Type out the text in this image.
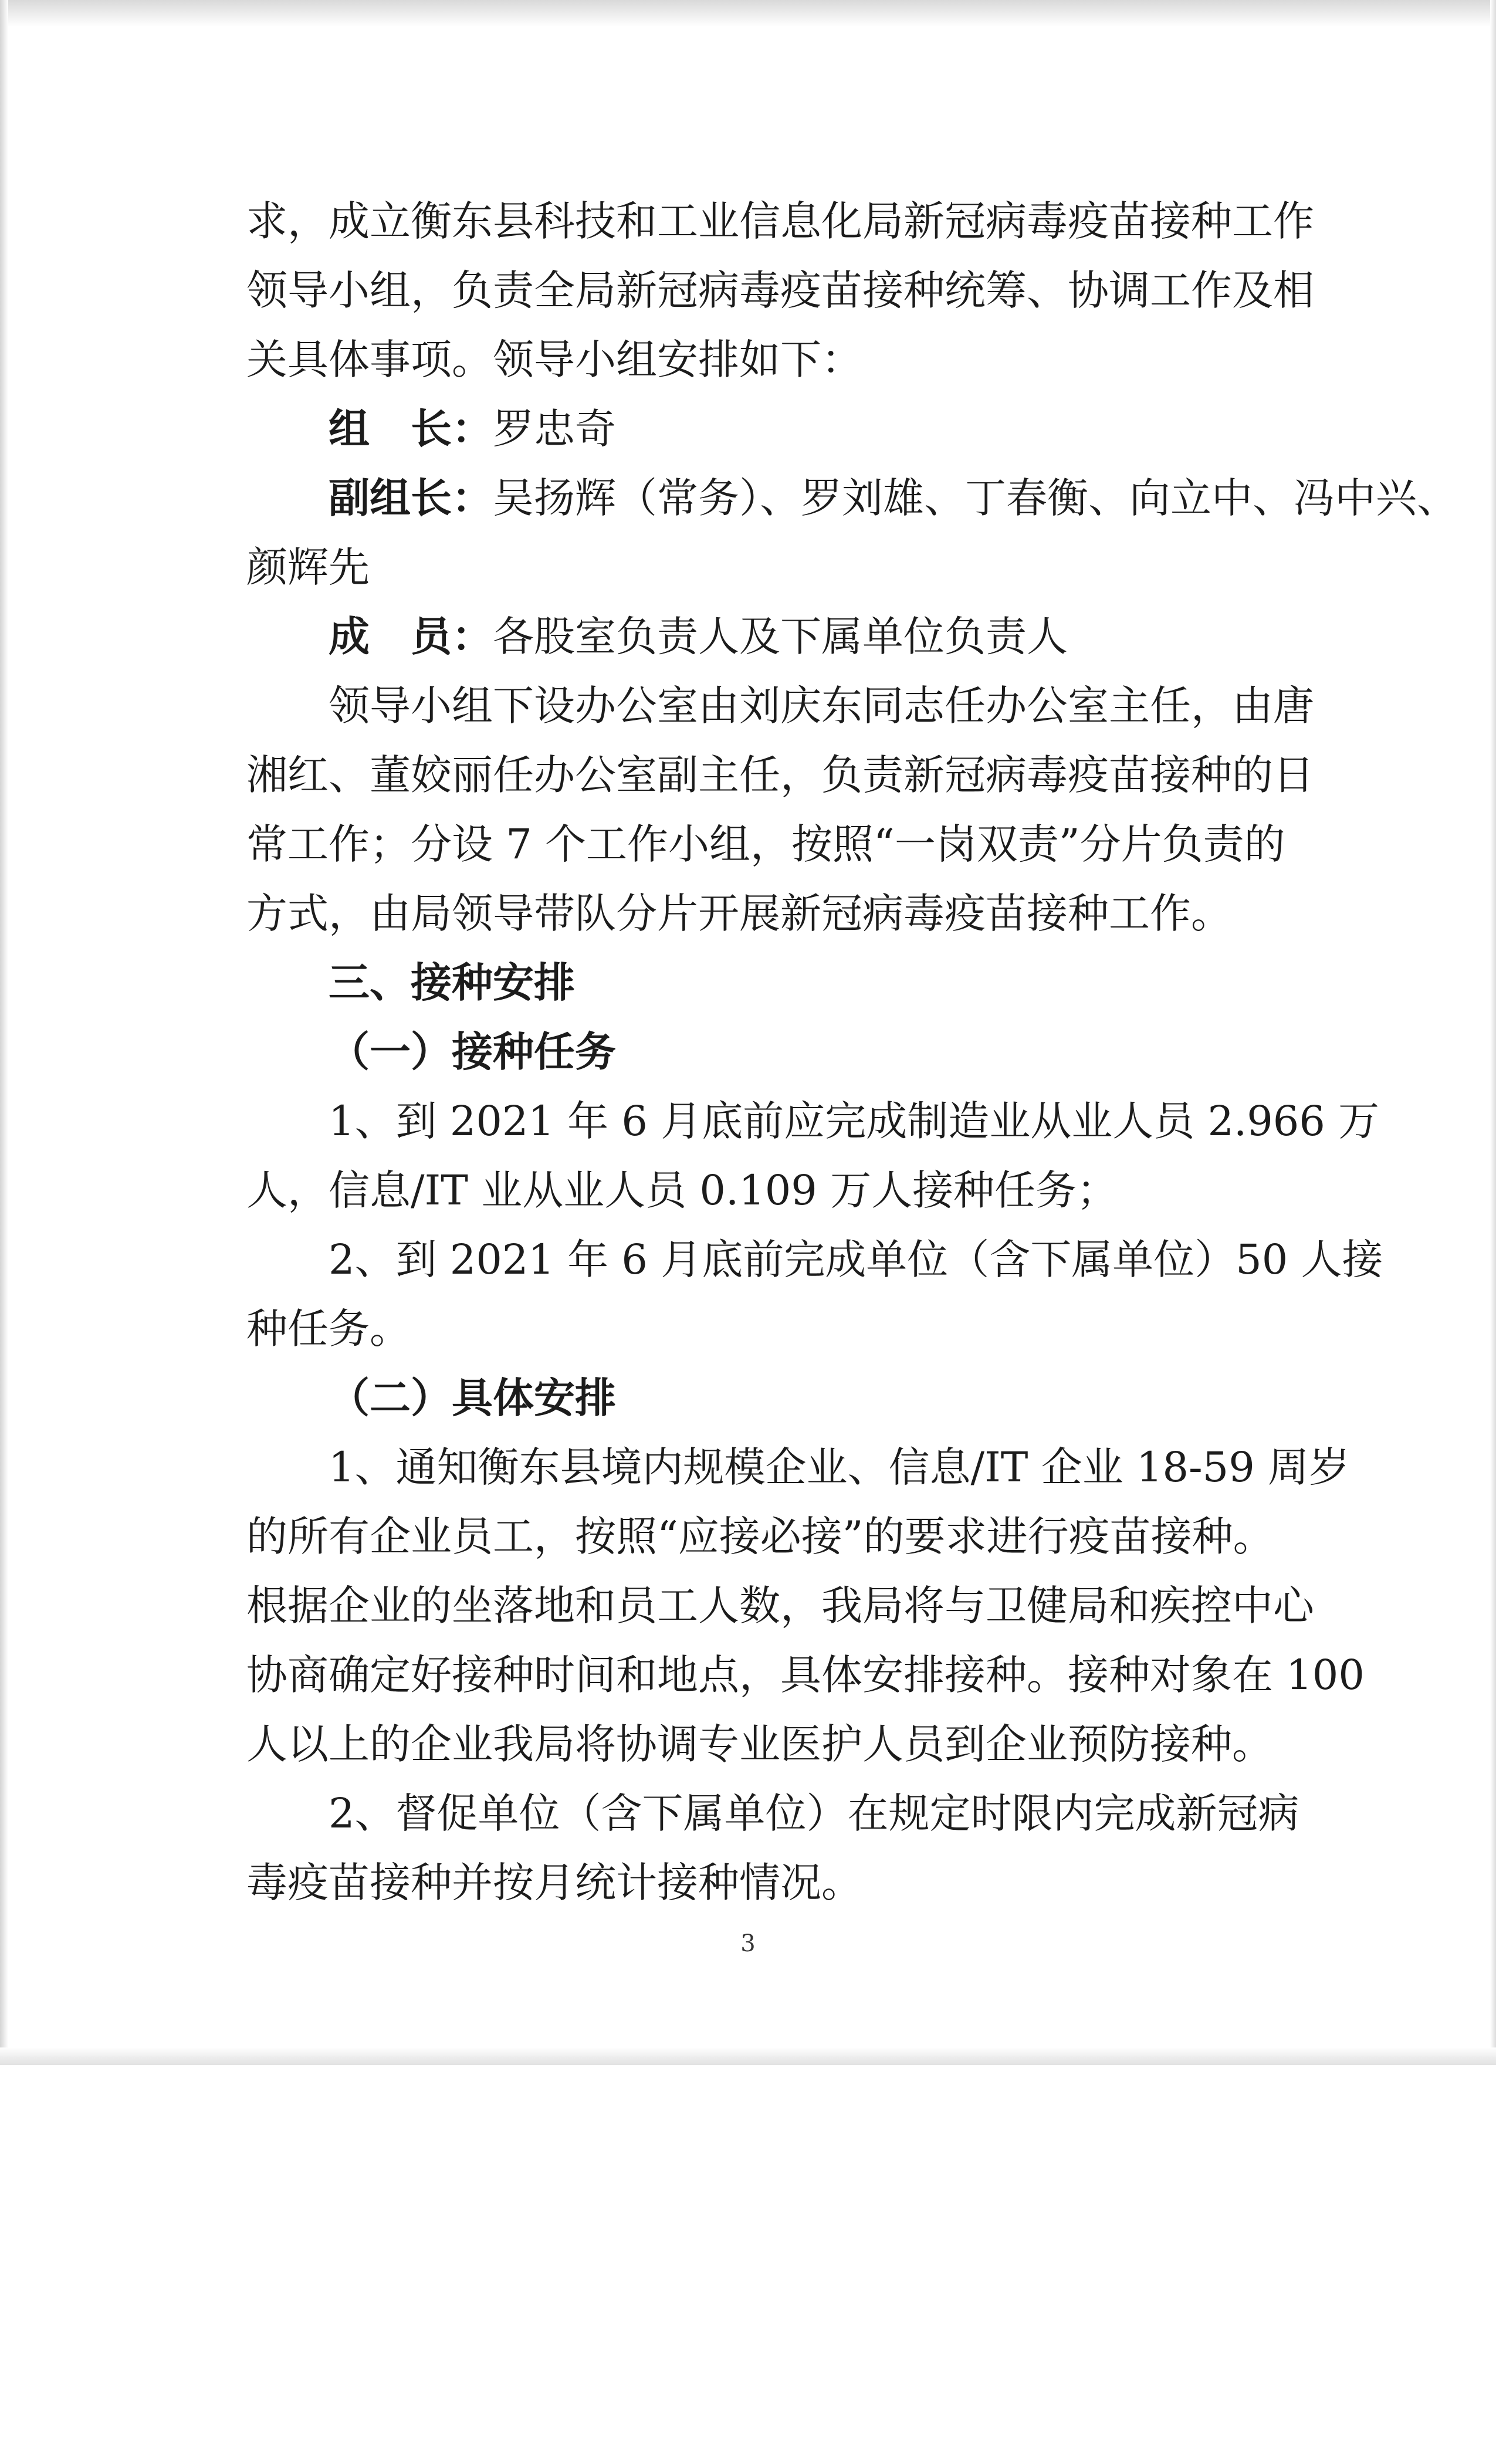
求，成立衡东县科技和工业信息化局新冠病毒疫苗接种工作
领导小组，负责全局新冠病毒疫苗接种统筹、协调工作及相
关具体事项。领导小组安排如下：
组　长：罗忠奇
副组长：吴扬辉（常务）、罗刘雄、丁春衡、向立中、冯中兴、
颜辉先
成　员：各股室负责人及下属单位负责人
领导小组下设办公室由刘庆东同志任办公室主任，由唐
湘红、董姣丽任办公室副主任，负责新冠病毒疫苗接种的日
常工作；分设 7 个工作小组，按照“一岗双责”分片负责的
方式，由局领导带队分片开展新冠病毒疫苗接种工作。
三、接种安排
（一）接种任务
1、到 2021 年 6 月底前应完成制造业从业人员 2.966 万
人，信息/IT 业从业人员 0.109 万人接种任务；
2、到 2021 年 6 月底前完成单位（含下属单位）50 人接
种任务。
（二）具体安排
1、通知衡东县境内规模企业、信息/IT 企业 18-59 周岁
的所有企业员工，按照“应接必接”的要求进行疫苗接种。
根据企业的坐落地和员工人数，我局将与卫健局和疾控中心
协商确定好接种时间和地点，具体安排接种。接种对象在 100
人以上的企业我局将协调专业医护人员到企业预防接种。
2、督促单位（含下属单位）在规定时限内完成新冠病
毒疫苗接种并按月统计接种情况。
3
